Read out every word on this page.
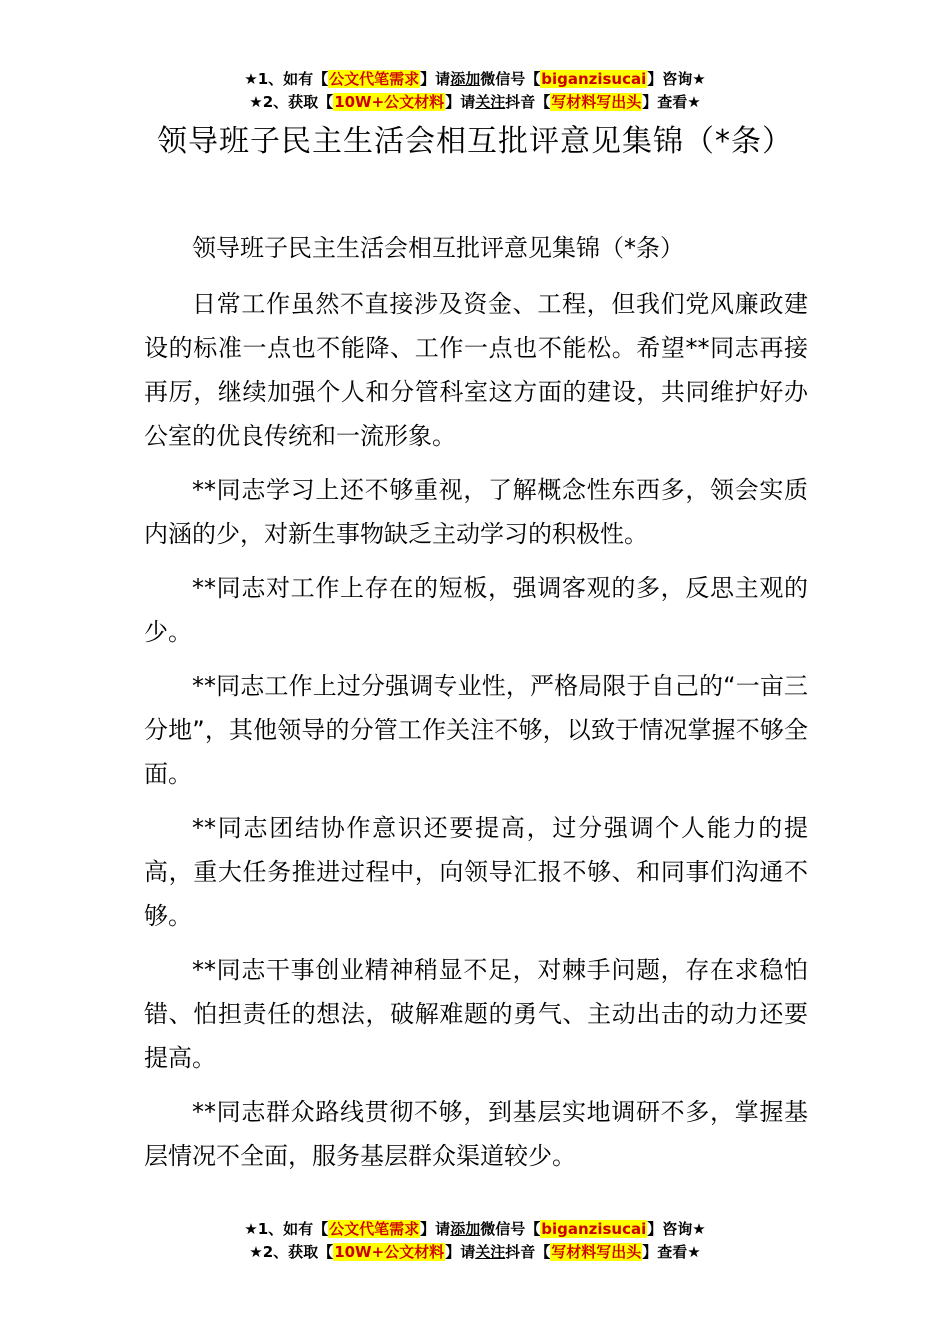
★1、如有【公文代笔需求】请添加微信号【biganzisucai】咨询★
★2、获取【10W+公文材料】请关注抖音【写材料写出头】查看★
领导班子民主生活会相互批评意见集锦（*条）

领导班子民主生活会相互批评意见集锦（*条）

日常工作虽然不直接涉及资金、工程，但我们党风廉政建设的标准一点也不能降、工作一点也不能松。希望**同志再接再厉，继续加强个人和分管科室这方面的建设，共同维护好办公室的优良传统和一流形象。

**同志学习上还不够重视，了解概念性东西多，领会实质内涵的少，对新生事物缺乏主动学习的积极性。

**同志对工作上存在的短板，强调客观的多，反思主观的少。

**同志工作上过分强调专业性，严格局限于自己的“一亩三分地”，其他领导的分管工作关注不够，以致于情况掌握不够全面。

**同志团结协作意识还要提高，过分强调个人能力的提高，重大任务推进过程中，向领导汇报不够、和同事们沟通不够。

**同志干事创业精神稍显不足，对棘手问题，存在求稳怕错、怕担责任的想法，破解难题的勇气、主动出击的动力还要提高。

**同志群众路线贯彻不够，到基层实地调研不多，掌握基层情况不全面，服务基层群众渠道较少。

★1、如有【公文代笔需求】请添加微信号【biganzisucai】咨询★
★2、获取【10W+公文材料】请关注抖音【写材料写出头】查看★
